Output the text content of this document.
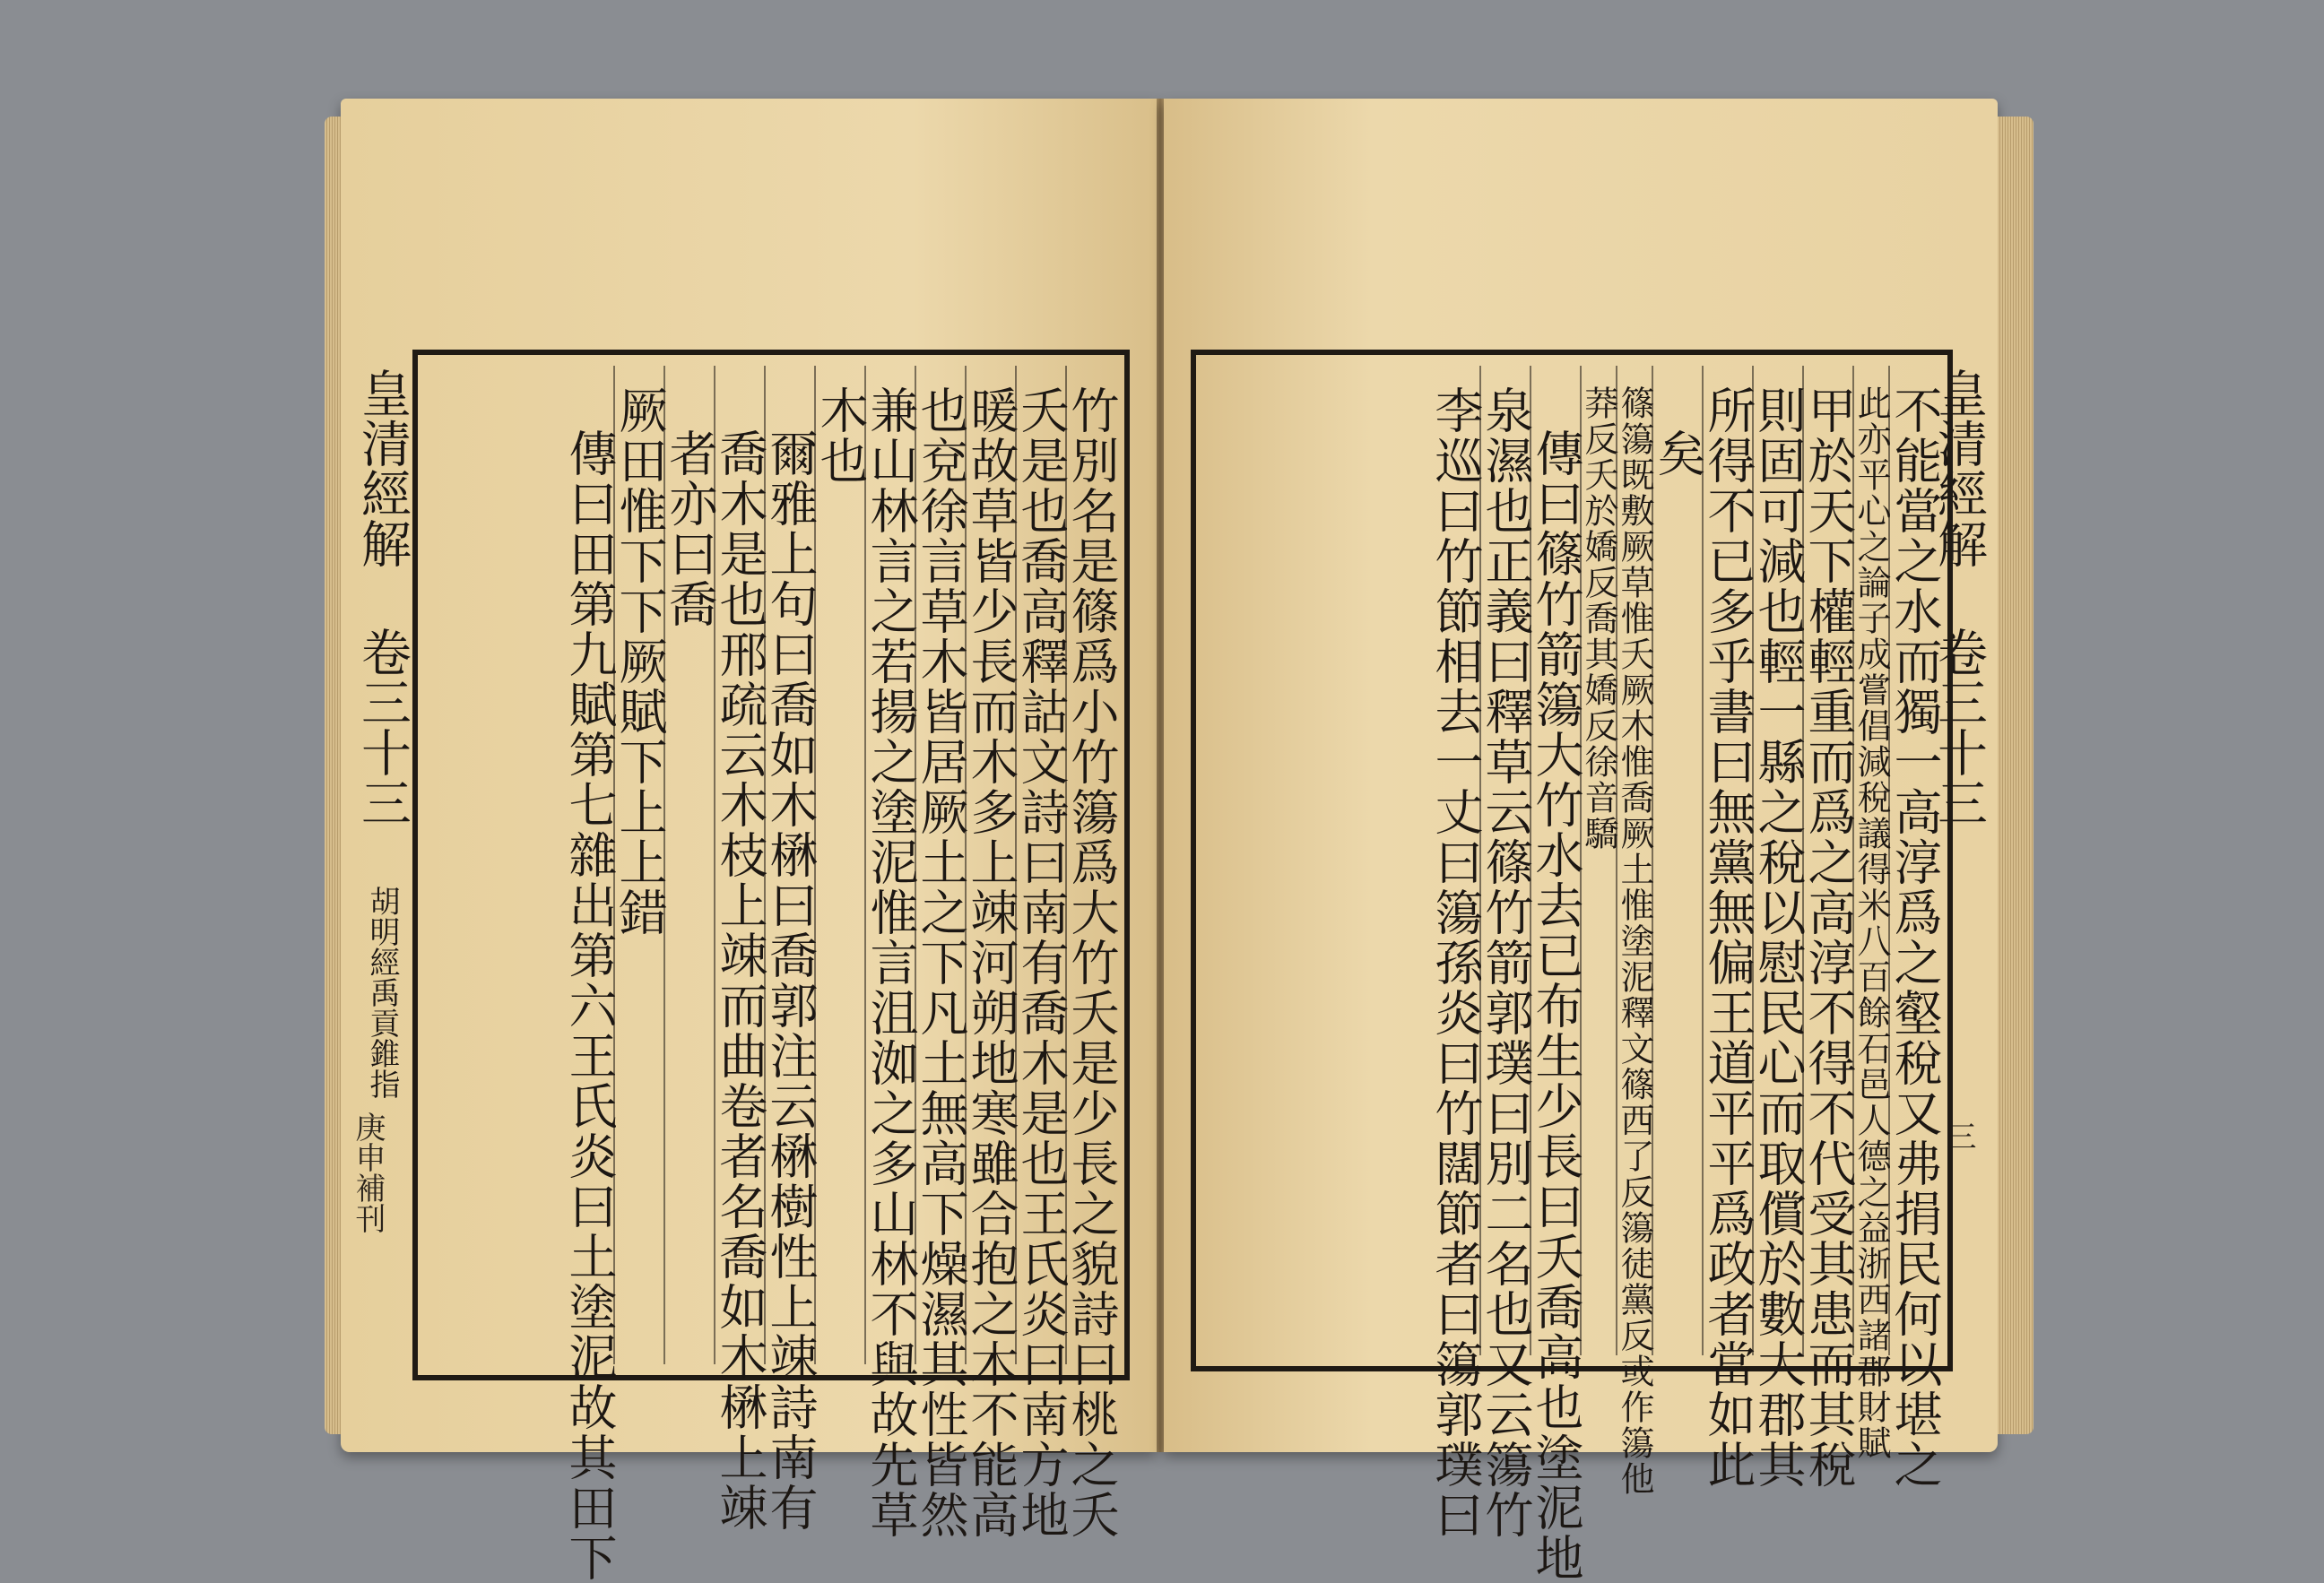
皇清經解 卷三十三 胡明經禹貢錐指
庚申補刊	竹別名是篠爲小竹簜爲大竹夭是少長之貌詩曰桃之夭
夭是也喬高釋詁文詩曰南有喬木是也王氏炎曰南方地
暖故草皆少長而木多上竦河朔地寒雖合抱之木不能高
也兗徐言草木皆居厥土之下凡土無高下燥濕其性皆然
兼山林言之若揚之塗泥惟言沮洳之多山林不與故先草
木也
爾雅上句曰喬如木楙曰喬郭注云楙樹性上竦詩南有
喬木是也邢疏云木枝上竦而曲卷者名喬如木楙上竦
者亦曰喬
厥田惟下下厥賦下上上錯
傳曰田第九賦第七雜出第六王氏炎曰土塗泥故其田下	皇清經解 卷三十三
三
不能當之水而獨一高淳爲之壑稅又弗捐民何以堪之
此亦平心之論子成嘗倡減稅議得米八百餘石邑人德之益浙西諸郡財賦
甲於天下權輕重而爲之高淳不得不代受其患而其稅
則固可減也輕一縣之稅以慰民心而取償於數大郡其
所得不已多乎書曰無黨無偏王道平平爲政者當如此
矣
篠簜既敷厥草惟夭厥木惟喬厥土惟塗泥釋文篠西了反簜徒黨反或作簜他
莽反夭於嬌反喬其嬌反徐音驕
傳曰篠竹箭簜大竹水去已布生少長曰夭喬高也塗泥地
泉濕也正義曰釋草云篠竹箭郭璞曰別二名也又云簜竹
李巡曰竹節相去一丈曰簜孫炎曰竹闊節者曰簜郭璞曰
